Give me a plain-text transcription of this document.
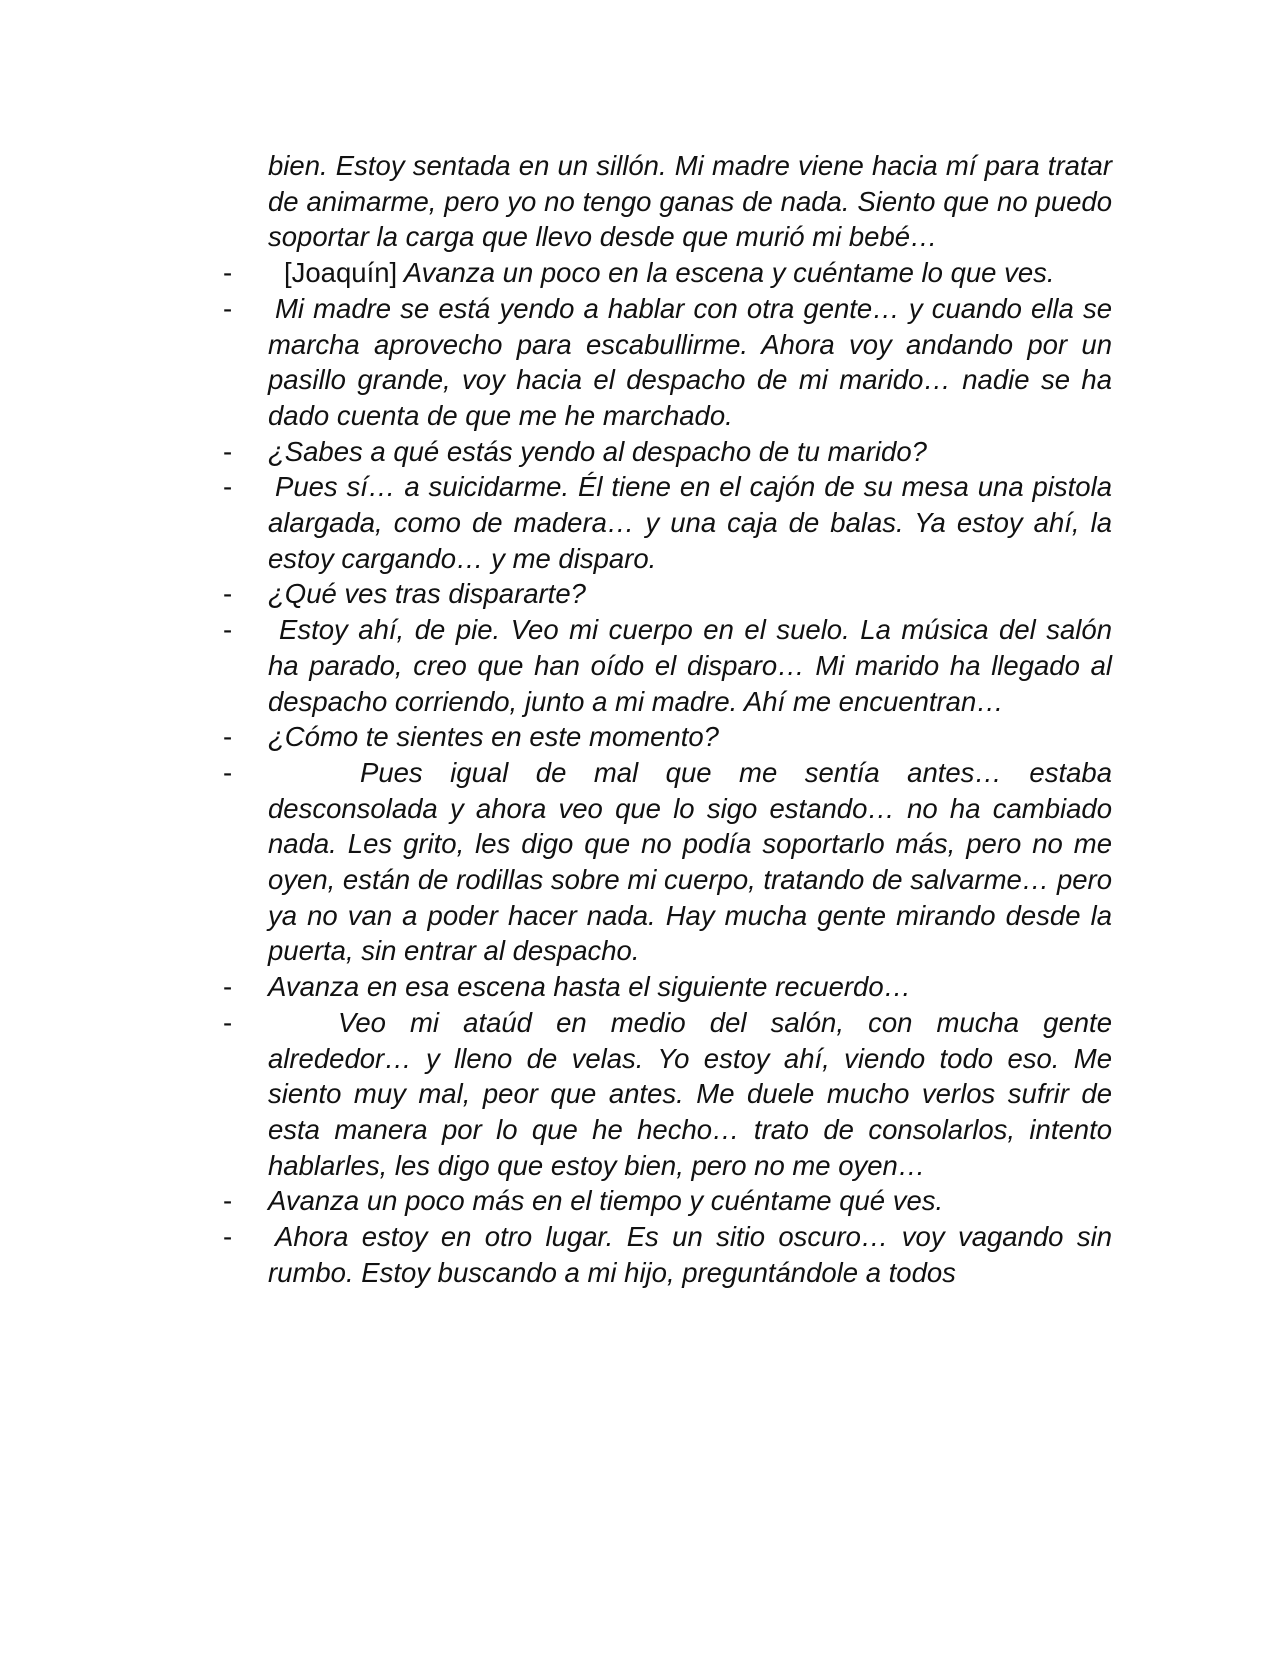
bien. Estoy sentada en un sillón. Mi madre viene hacia mí para tratar de animarme, pero yo no tengo ganas de nada. Siento que no puedo soportar la carga que llevo desde que murió mi bebé…

- [Joaquín] Avanza un poco en la escena y cuéntame lo que ves.

- Mi madre se está yendo a hablar con otra gente… y cuando ella se marcha aprovecho para escabullirme. Ahora voy andando por un pasillo grande, voy hacia el despacho de mi marido… nadie se ha dado cuenta de que me he marchado.

- ¿Sabes a qué estás yendo al despacho de tu marido?

- Pues sí… a suicidarme. Él tiene en el cajón de su mesa una pistola alargada, como de madera… y una caja de balas. Ya estoy ahí, la estoy cargando… y me disparo.

- ¿Qué ves tras dispararte?

- Estoy ahí, de pie. Veo mi cuerpo en el suelo. La música del salón ha parado, creo que han oído el disparo… Mi marido ha llegado al despacho corriendo, junto a mi madre. Ahí me encuentran…

- ¿Cómo te sientes en este momento?

-	Pues igual de mal que me sentía antes… estaba desconsolada y ahora veo que lo sigo estando… no ha cambiado nada. Les grito, les digo que no podía soportarlo más, pero no me oyen, están de rodillas sobre mi cuerpo, tratando de salvarme… pero ya no van a poder hacer nada. Hay mucha gente mirando desde la puerta, sin entrar al despacho.

- Avanza en esa escena hasta el siguiente recuerdo…

-	Veo mi ataúd en medio del salón, con mucha gente alrededor… y lleno de velas. Yo estoy ahí, viendo todo eso. Me siento muy mal, peor que antes. Me duele mucho verlos sufrir de esta manera por lo que he hecho… trato de consolarlos, intento hablarles, les digo que estoy bien, pero no me oyen…

- Avanza un poco más en el tiempo y cuéntame qué ves.

- Ahora estoy en otro lugar. Es un sitio oscuro… voy vagando sin rumbo. Estoy buscando a mi hijo, preguntándole a todos
